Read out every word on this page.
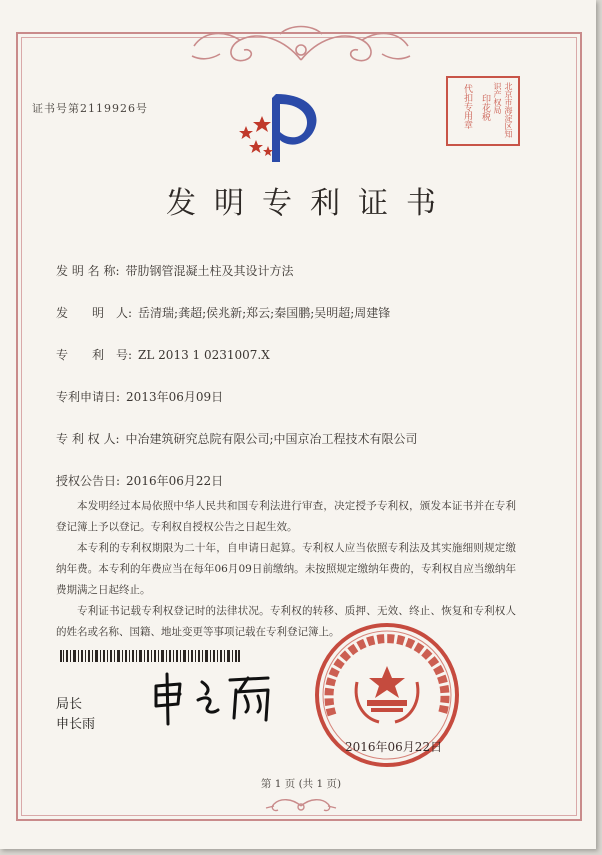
证书号第2119926号	北京市海淀区知识产权局
印花税
代扣专用章
发明专利证书
发 明 名 称: 带肋钢管混凝土柱及其设计方法
发　　明　人: 岳清瑞;龚超;侯兆新;郑云;秦国鹏;吴明超;周建锋
专　　利　号: ZL 2013 1 0231007.X
专利申请日: 2013年06月09日
专 利 权 人: 中冶建筑研究总院有限公司;中国京冶工程技术有限公司
授权公告日: 2016年06月22日

本发明经过本局依照中华人民共和国专利法进行审查，决定授予专利权，颁发本证书并在专利登记簿上予以登记。专利权自授权公告之日起生效。

本专利的专利权期限为二十年，自申请日起算。专利权人应当依照专利法及其实施细则规定缴纳年费。本专利的年费应当在每年06月09日前缴纳。未按照规定缴纳年费的，专利权自应当缴纳年费期满之日起终止。

专利证书记载专利权登记时的法律状况。专利权的转移、质押、无效、终止、恢复和专利权人的姓名或名称、国籍、地址变更等事项记载在专利登记簿上。

局长
申长雨
2016年06月22日
第 1 页 (共 1 页)
